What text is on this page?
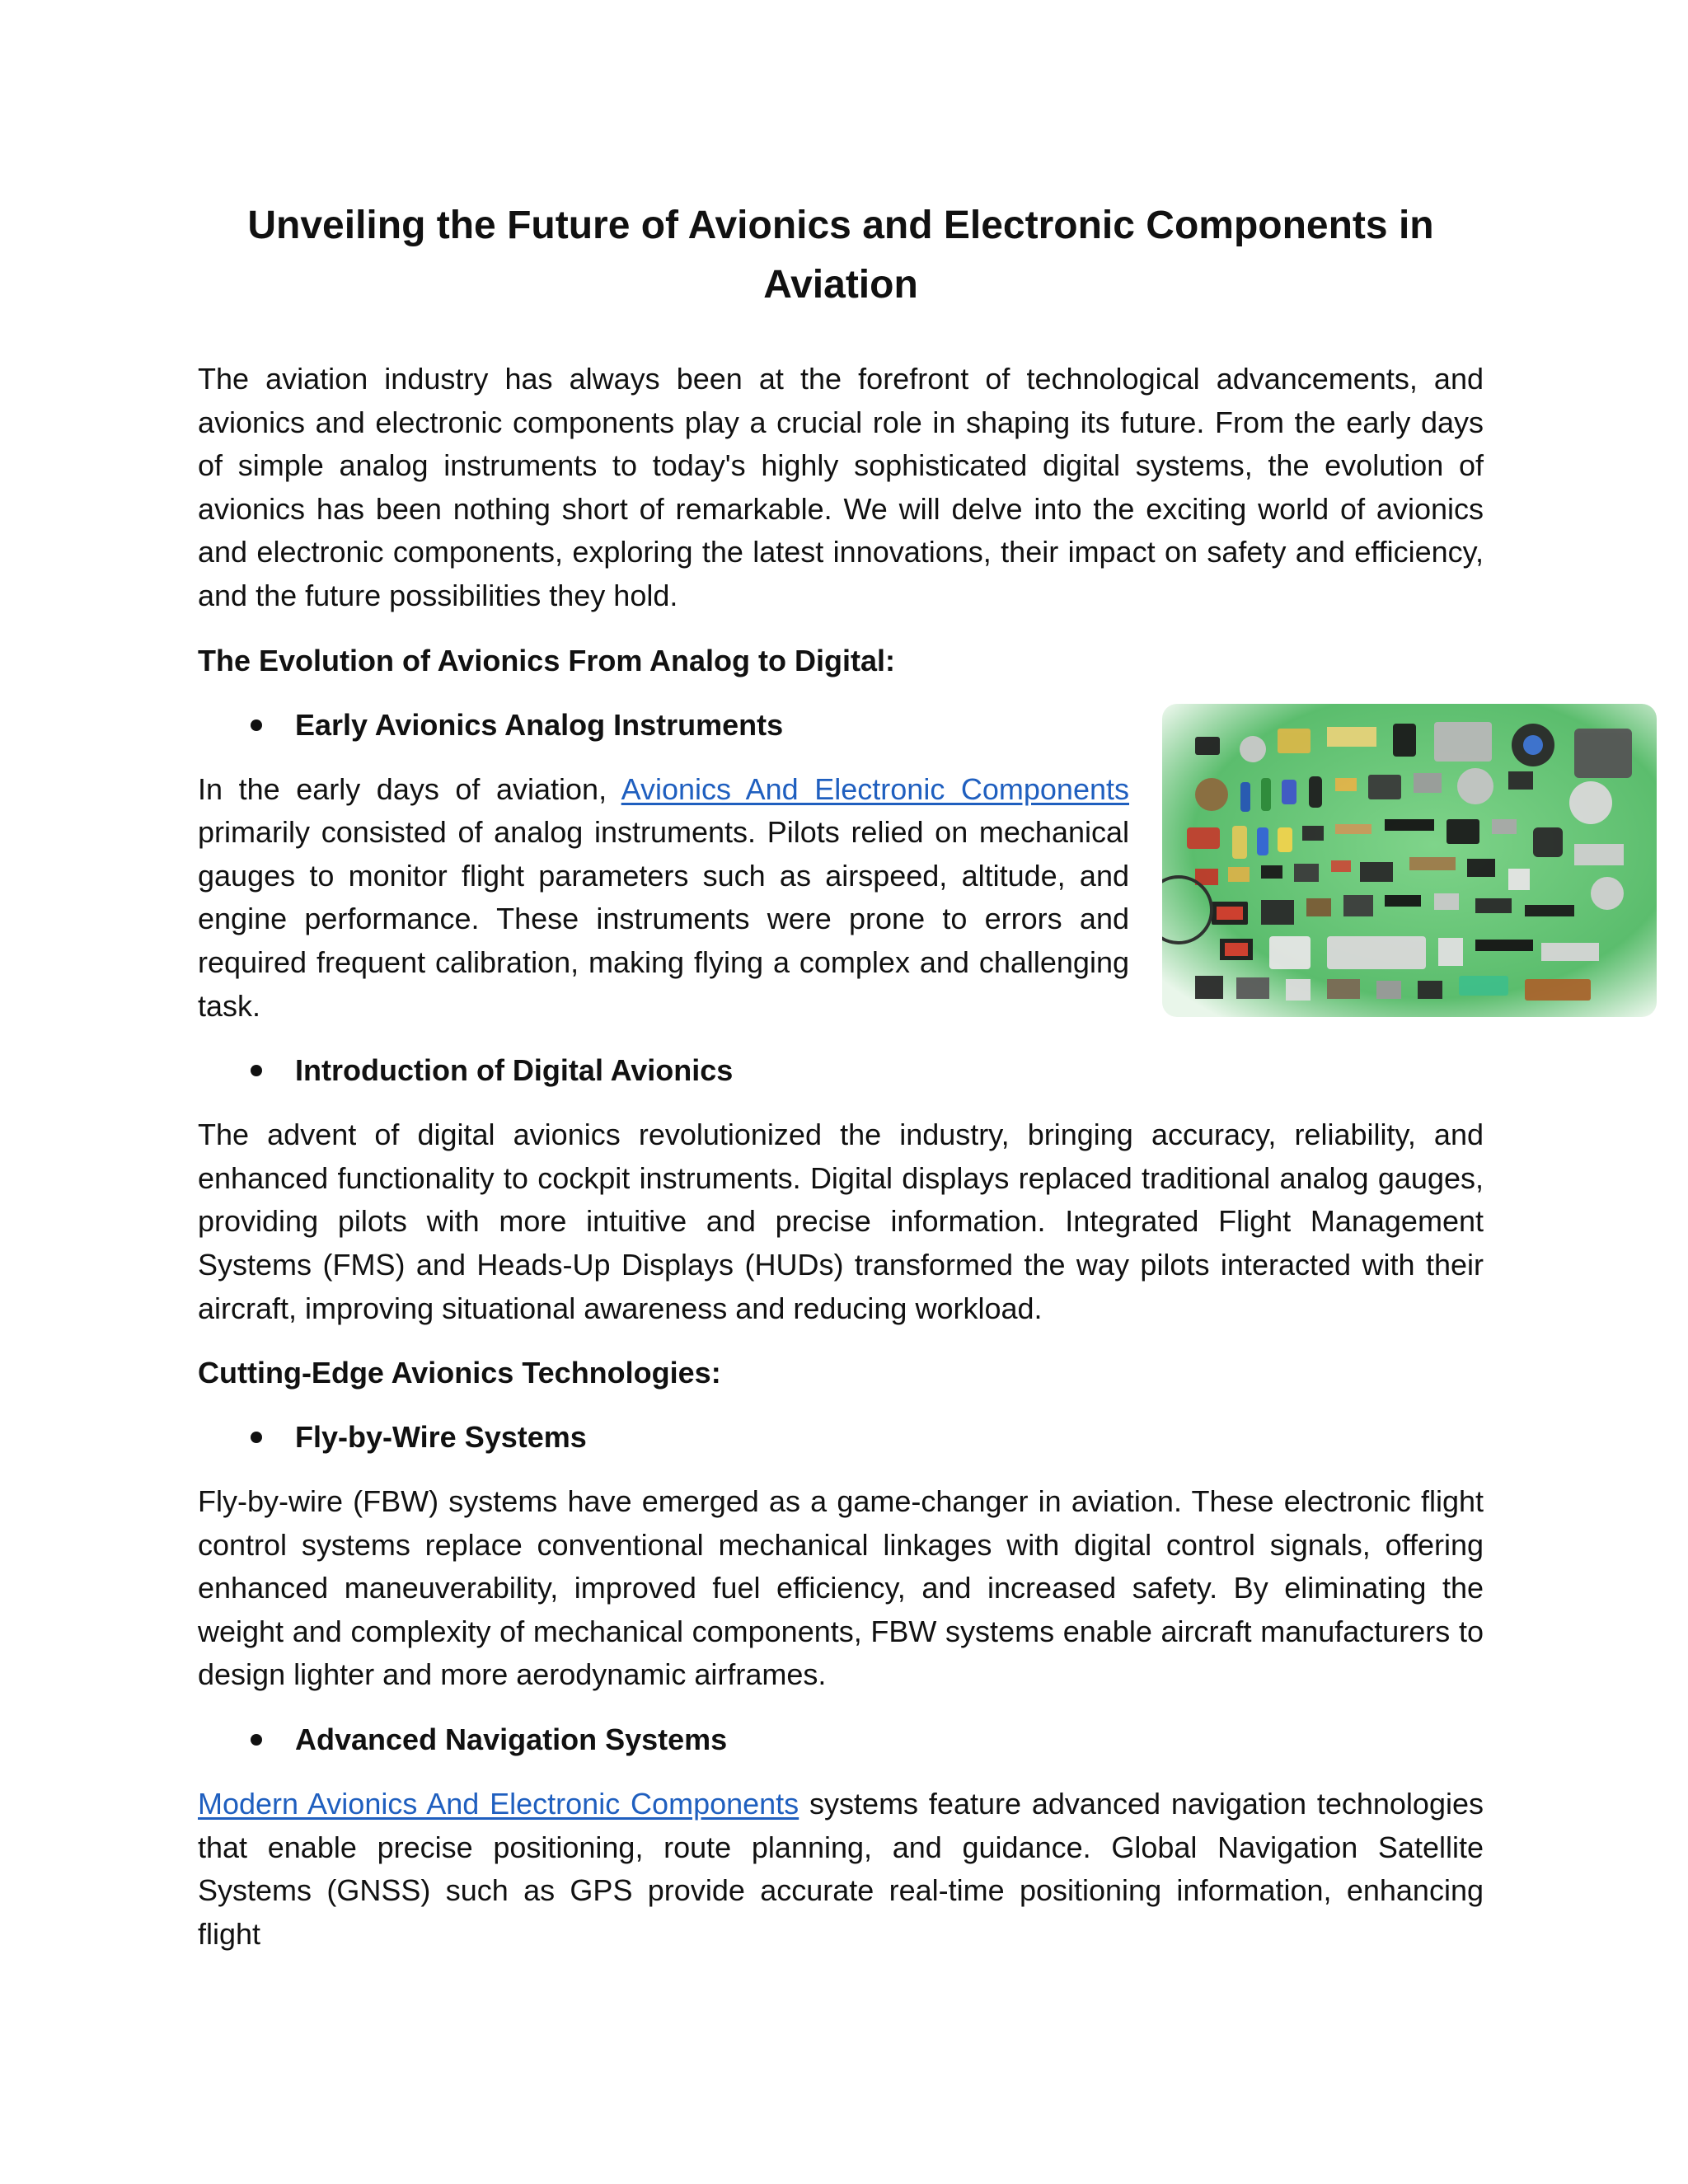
Unveiling the Future of Avionics and Electronic Components in Aviation

The aviation industry has always been at the forefront of technological advancements, and avionics and electronic components play a crucial role in shaping its future. From the early days of simple analog instruments to today's highly sophisticated digital systems, the evolution of avionics has been nothing short of remarkable. We will delve into the exciting world of avionics and electronic components, exploring the latest innovations, their impact on safety and efficiency, and the future possibilities they hold.

The Evolution of Avionics From Analog to Digital:
Early Avionics Analog Instruments

In the early days of aviation, Avionics And Electronic Components primarily consisted of analog instruments. Pilots relied on mechanical gauges to monitor flight parameters such as airspeed, altitude, and engine performance. These instruments were prone to errors and required frequent calibration, making flying a complex and challenging task.

Introduction of Digital Avionics

The advent of digital avionics revolutionized the industry, bringing accuracy, reliability, and enhanced functionality to cockpit instruments. Digital displays replaced traditional analog gauges, providing pilots with more intuitive and precise information. Integrated Flight Management Systems (FMS) and Heads-Up Displays (HUDs) transformed the way pilots interacted with their aircraft, improving situational awareness and reducing workload.

Cutting-Edge Avionics Technologies:
Fly-by-Wire Systems

Fly-by-wire (FBW) systems have emerged as a game-changer in aviation. These electronic flight control systems replace conventional mechanical linkages with digital control signals, offering enhanced maneuverability, improved fuel efficiency, and increased safety. By eliminating the weight and complexity of mechanical components, FBW systems enable aircraft manufacturers to design lighter and more aerodynamic airframes.

Advanced Navigation Systems

Modern Avionics And Electronic Components systems feature advanced navigation technologies that enable precise positioning, route planning, and guidance. Global Navigation Satellite Systems (GNSS) such as GPS provide accurate real-time positioning information, enhancing flight
